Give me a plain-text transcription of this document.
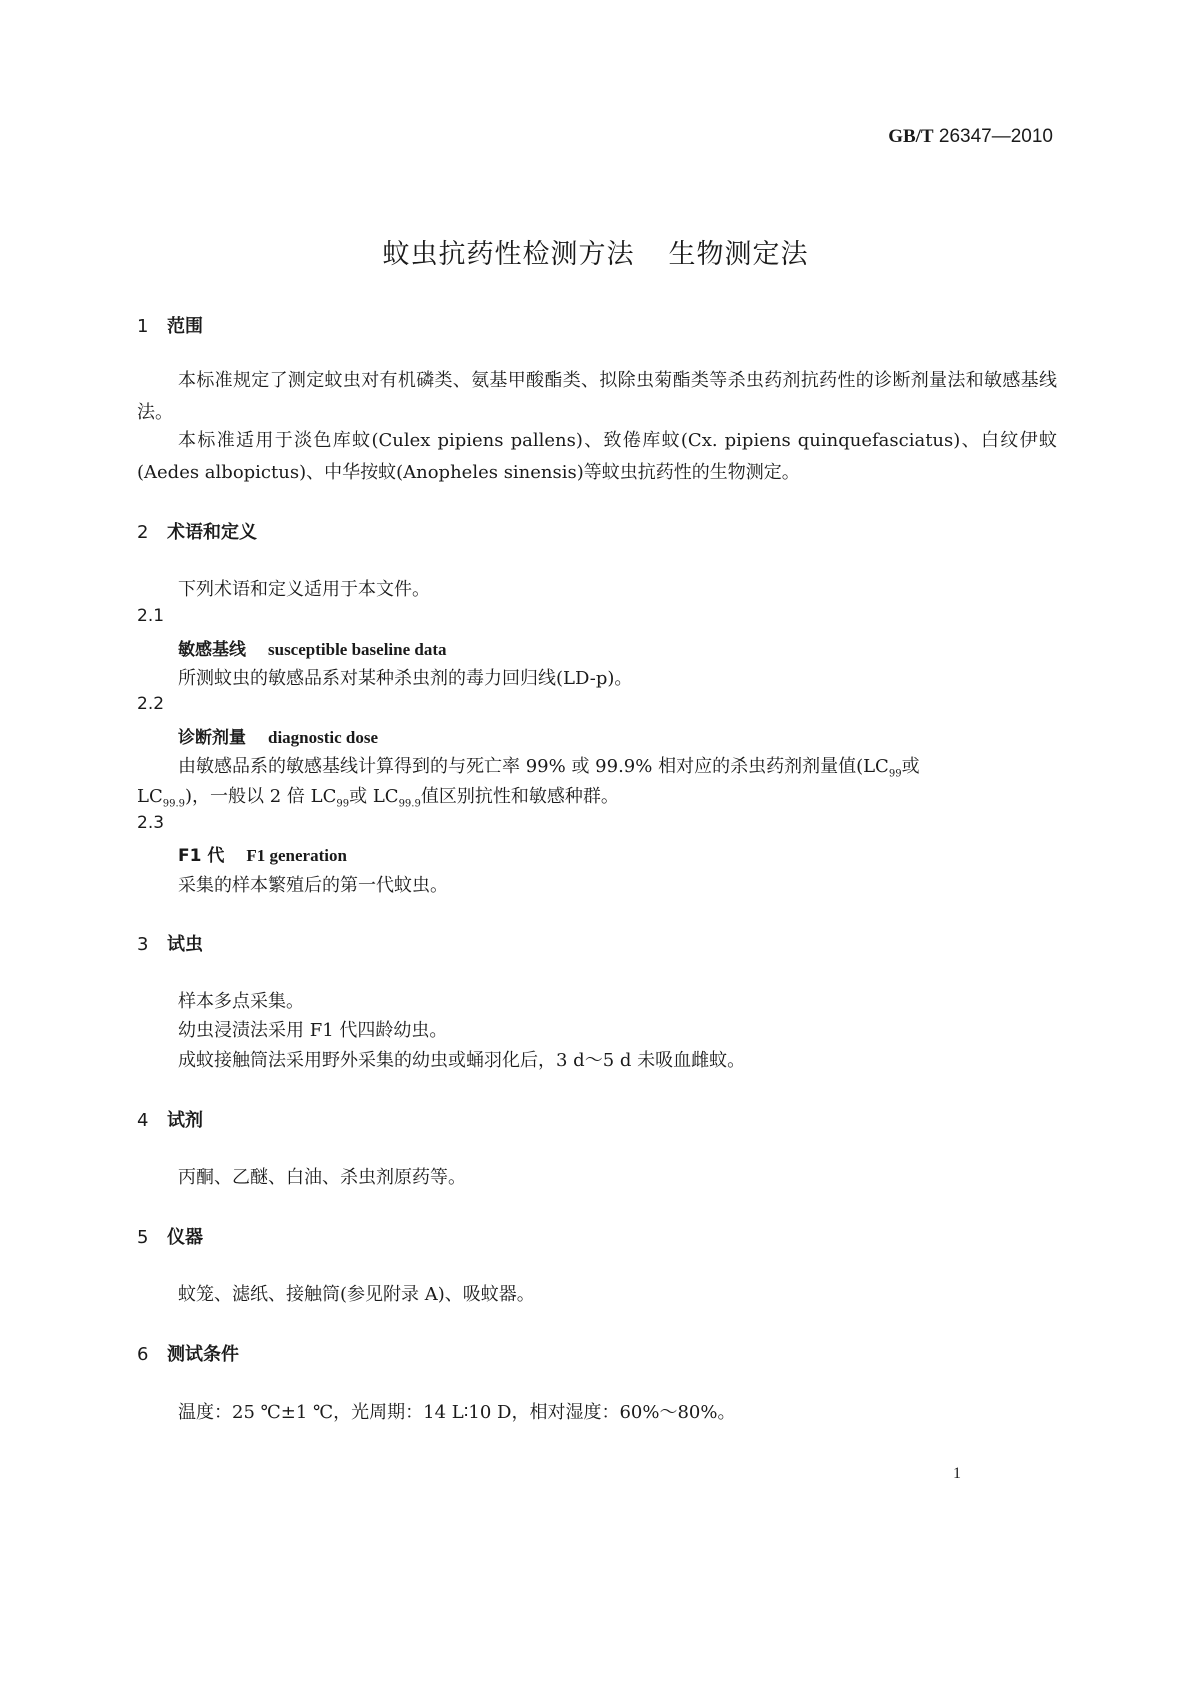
GB/T 26347—2010
蚊虫抗药性检测方法 生物测定法
1 范围
本标准规定了测定蚊虫对有机磷类、氨基甲酸酯类、拟除虫菊酯类等杀虫药剂抗药性的诊断剂量法和敏感基线法。
本标准适用于淡色库蚊(Culex pipiens pallens)、致倦库蚊(Cx. pipiens quinquefasciatus)、白纹伊蚊(Aedes albopictus)、中华按蚊(Anopheles sinensis)等蚊虫抗药性的生物测定。
2 术语和定义
下列术语和定义适用于本文件。
2.1
敏感基线 susceptible baseline data
所测蚊虫的敏感品系对某种杀虫剂的毒力回归线(LD-p)。
2.2
诊断剂量 diagnostic dose
由敏感品系的敏感基线计算得到的与死亡率 99% 或 99.9% 相对应的杀虫药剂剂量值($LC_{99}$或
$LC_{99.9}$)，一般以 2 倍 $LC_{99}$或 $LC_{99.9}$值区别抗性和敏感种群。
2.3
F1 代 F1 generation
采集的样本繁殖后的第一代蚊虫。
3 试虫
样本多点采集。
幼虫浸渍法采用 F1 代四龄幼虫。
成蚊接触筒法采用野外采集的幼虫或蛹羽化后，3 d～5 d 未吸血雌蚊。
4 试剂
丙酮、乙醚、白油、杀虫剂原药等。
5 仪器
蚊笼、滤纸、接触筒(参见附录 A)、吸蚊器。
6 测试条件
温度：25 ℃±1 ℃，光周期：14 L∶10 D，相对湿度：60%～80%。
1
